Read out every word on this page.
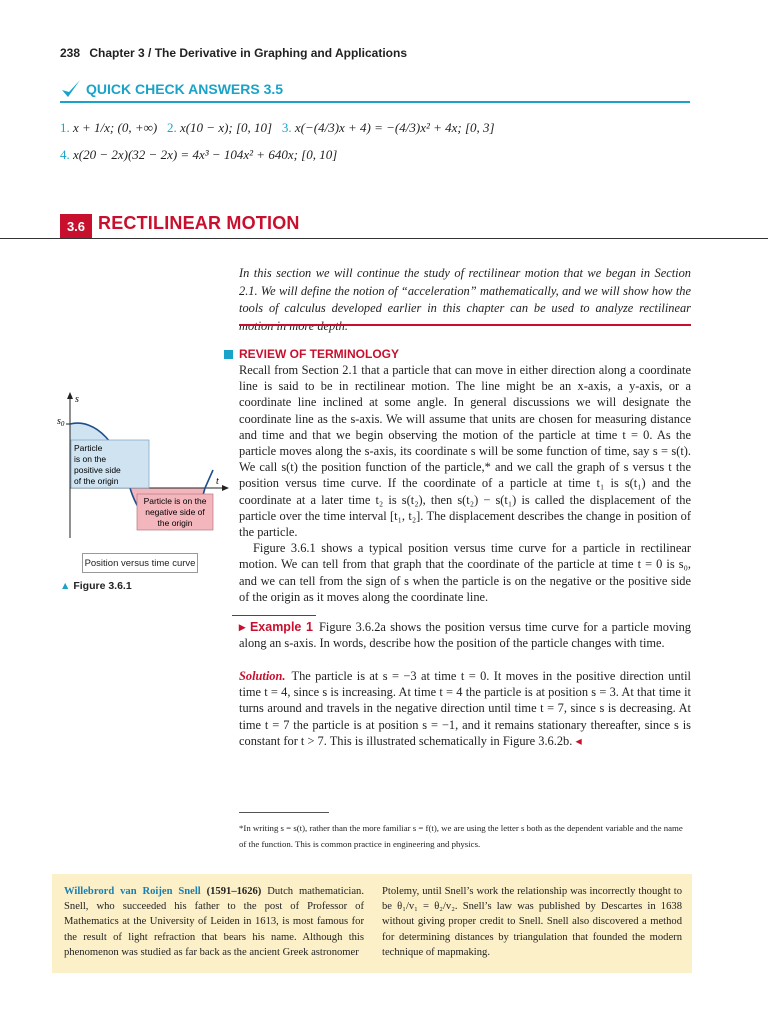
238 Chapter 3 / The Derivative in Graphing and Applications
QUICK CHECK ANSWERS 3.5
1. x + 1/x; (0, +∞) 2. x(10 − x); [0, 10] 3. x(−(4/3)x + 4) = −(4/3)x² + 4x; [0, 3]
4. x(20 − 2x)(32 − 2x) = 4x³ − 104x² + 640x; [0, 10]
3.6 RECTILINEAR MOTION
In this section we will continue the study of rectilinear motion that we began in Section 2.1. We will define the notion of “acceleration” mathematically, and we will show how the tools of calculus developed earlier in this chapter can be used to analyze rectilinear
REVIEW OF TERMINOLOGY

Recall from Section 2.1 that a particle that can move in either direction along a coordinate line is said to be in rectilinear motion. The line might be an x-axis, a y-axis, or a coordinate line inclined at some angle. In general discussions we will designate the coordinate line as the s-axis. We will assume that units are chosen for measuring distance and time and that we begin observing the motion of the particle at time t = 0. As the particle moves along the s-axis, its coordinate s will be some function of time, say s = s(t). We call s(t) the position function of the particle,* and we call the graph of s versus t the position versus time curve. If the coordinate of a particle at time t₁ is s(t₁) and the coordinate at a later time t₂ is s(t₂), then s(t₂) − s(t₁) is called the displacement of the particle over the time interval [t₁, t₂]. The displacement describes the change in position of the particle.

Figure 3.6.1 shows a typical position versus time curve for a particle in rectilinear motion. We can tell from that graph that the coordinate of the particle at time t = 0 is s₀, and we can tell from the sign of s when the particle is on the negative or the positive side of the origin as it moves along the coordinate line.

s
t
$s_0$
Particle
is on the
positive side
of the origin
Particle is on the
negative side of
the origin
Position versus time curve
▲ Figure 3.6.1
▸ Example 1 Figure 3.6.2a shows the position versus time curve for a particle moving along an s-axis. In words, describe how the position of the particle changes with time.
Solution. The particle is at s = −3 at time t = 0. It moves in the positive direction until time t = 4, since s is increasing. At time t = 4 the particle is at position s = 3. At that time it turns around and travels in the negative direction until time t = 7, since s is decreasing. At time t = 7 the particle is at position s = −1, and it remains stationary thereafter, since s is constant for t > 7. This is illustrated schematically in Figure 3.6.2b. ◂
*In writing s = s(t), rather than the more familiar s = f(t), we are using the letter s both as the dependent variable and the name of the function. This is common practice in engineering and physics.
Willebrord van Roijen Snell (1591–1626) Dutch mathematician. Snell, who succeeded his father to the post of Professor of Mathematics at the University of Leiden in 1613, is most famous for the result of light refraction that bears his name. Although this phenomenon was studied as far back as the ancient Greek astronomer
Ptolemy, until Snell’s work the relationship was incorrectly thought to be θ₁/v₁ = θ₂/v₂. Snell’s law was published by Descartes in 1638 without giving proper credit to Snell. Snell also discovered a method for determining distances by triangulation that founded the modern technique of mapmaking.
